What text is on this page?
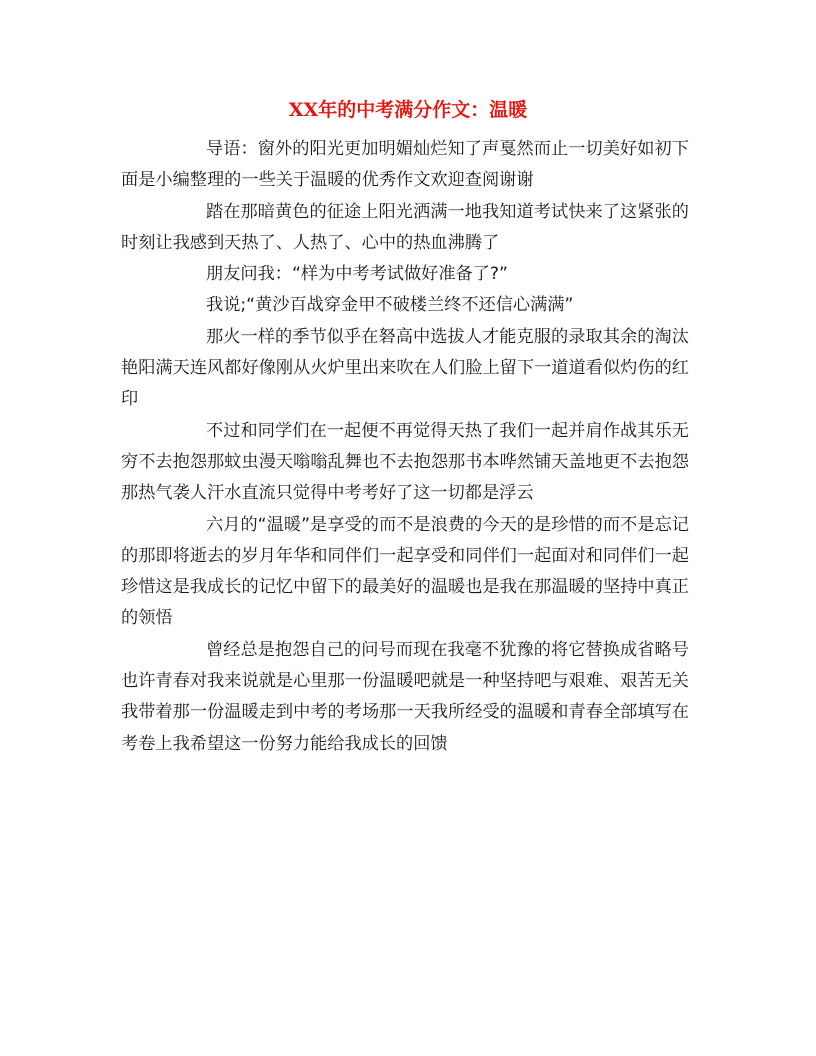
XX年的中考满分作文：温暖

导语：窗外的阳光更加明媚灿烂知了声戛然而止一切美好如初下面是小编整理的一些关于温暖的优秀作文欢迎查阅谢谢

踏在那暗黄色的征途上阳光洒满一地我知道考试快来了这紧张的时刻让我感到天热了、人热了、心中的热血沸腾了

朋友问我：“样为中考考试做好准备了?”

我说;“黄沙百战穿金甲不破楼兰终不还信心满满”

那火一样的季节似乎在砮高中选拔人才能克服的录取其余的淘汰艳阳满天连风都好像刚从火炉里出来吹在人们脸上留下一道道看似灼伤的红印

不过和同学们在一起便不再觉得天热了我们一起并肩作战其乐无穷不去抱怨那蚊虫漫天嗡嗡乱舞也不去抱怨那书本哗然铺天盖地更不去抱怨那热气袭人汗水直流只觉得中考考好了这一切都是浮云

六月的“温暖”是享受的而不是浪费的今天的是珍惜的而不是忘记的那即将逝去的岁月年华和同伴们一起享受和同伴们一起面对和同伴们一起珍惜这是我成长的记忆中留下的最美好的温暖也是我在那温暖的坚持中真正的领悟

曾经总是抱怨自己的问号而现在我毫不犹豫的将它替换成省略号也许青春对我来说就是心里那一份温暖吧就是一种坚持吧与艰难、艰苦无关我带着那一份温暖走到中考的考场那一天我所经受的温暖和青春全部填写在考卷上我希望这一份努力能给我成长的回馈
